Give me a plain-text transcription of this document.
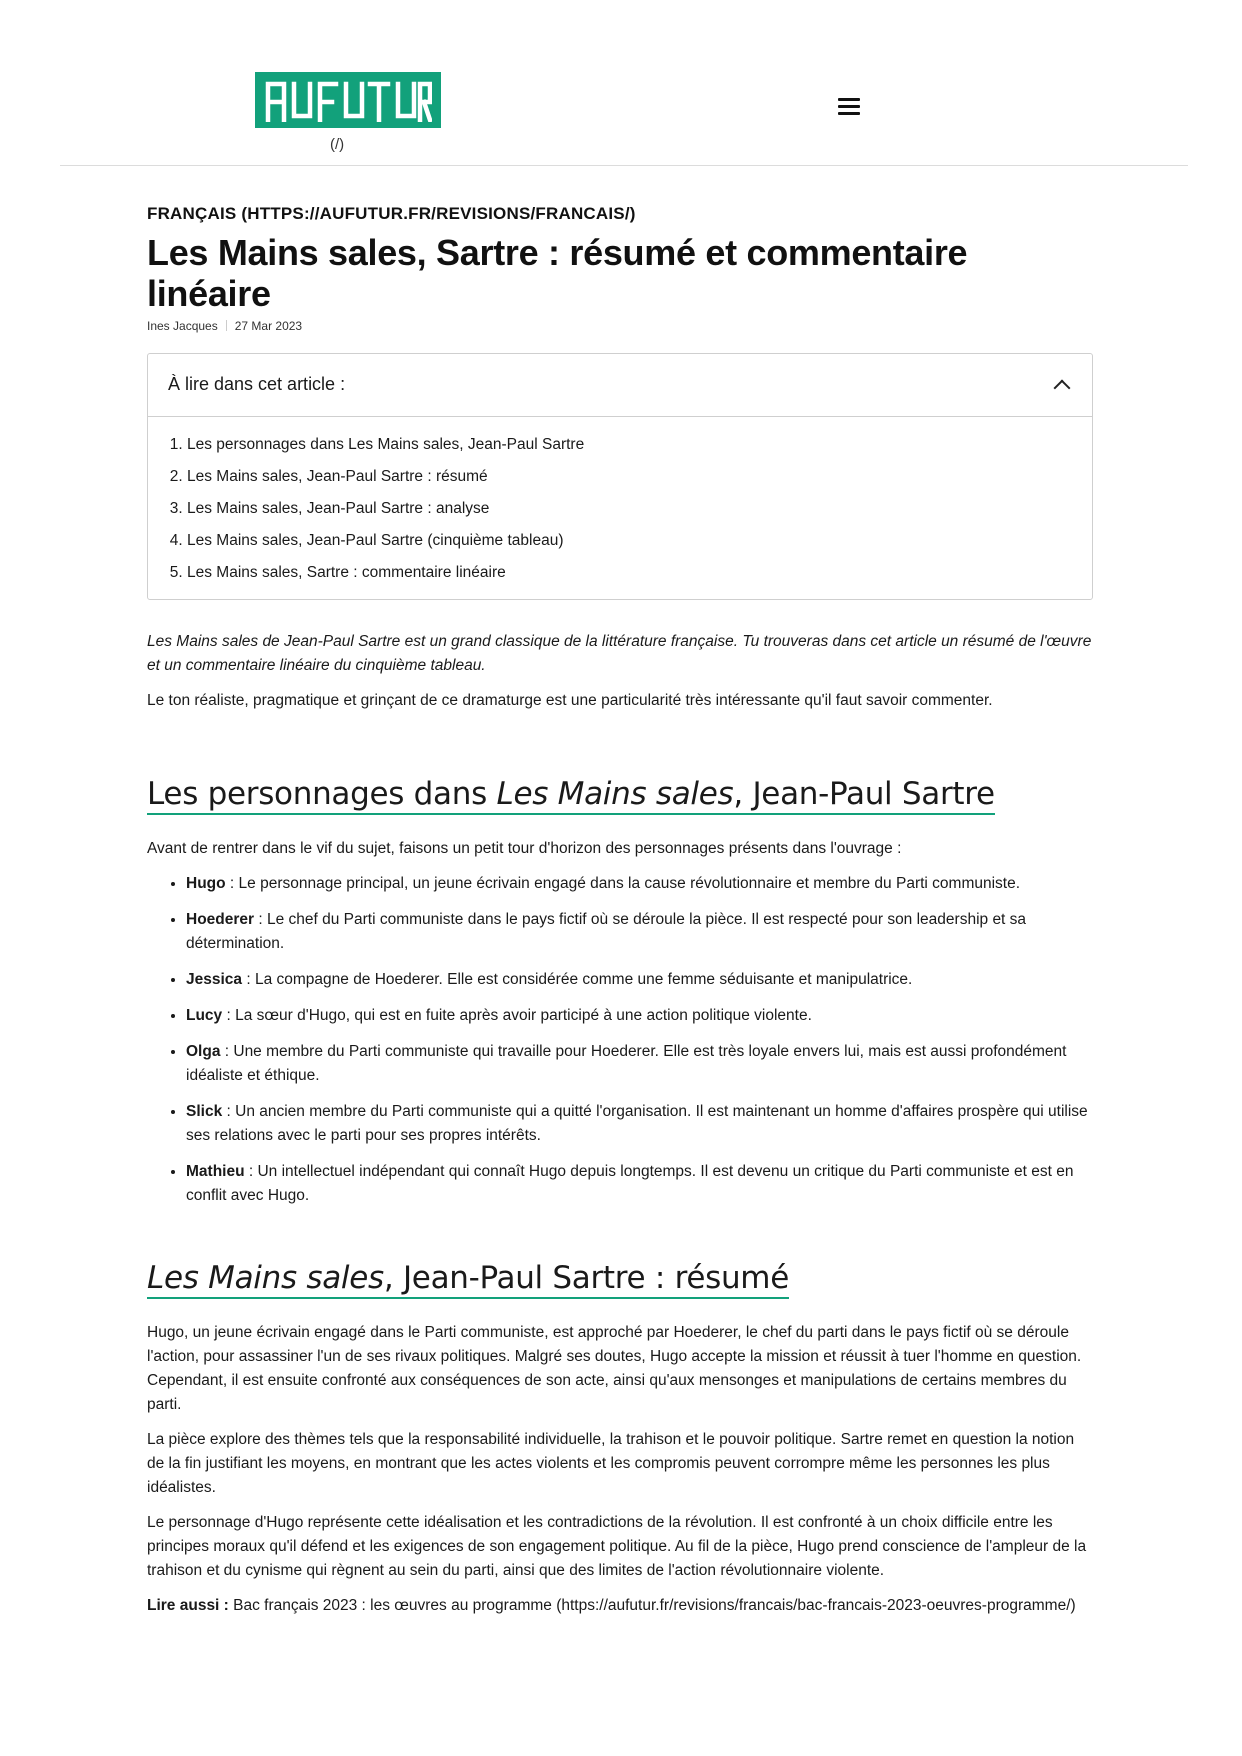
(/)

FRANÇAIS (HTTPS://AUFUTUR.FR/REVISIONS/FRANCAIS/)

Les Mains sales, Sartre : résumé et commentaire linéaire
Ines Jacques 27 Mar 2023
À lire dans cet article :
1. Les personnages dans Les Mains sales, Jean-Paul Sartre
2. Les Mains sales, Jean-Paul Sartre : résumé
3. Les Mains sales, Jean-Paul Sartre : analyse
4. Les Mains sales, Jean-Paul Sartre (cinquième tableau)
5. Les Mains sales, Sartre : commentaire linéaire

Les Mains sales de Jean-Paul Sartre est un grand classique de la littérature française. Tu trouveras dans cet article un résumé de l'œuvre et un commentaire linéaire du cinquième tableau.

Le ton réaliste, pragmatique et grinçant de ce dramaturge est une particularité très intéressante qu'il faut savoir commenter.

Les personnages dans Les Mains sales, Jean-Paul Sartre

Avant de rentrer dans le vif du sujet, faisons un petit tour d'horizon des personnages présents dans l'ouvrage :

• Hugo : Le personnage principal, un jeune écrivain engagé dans la cause révolutionnaire et membre du Parti communiste.
• Hoederer : Le chef du Parti communiste dans le pays fictif où se déroule la pièce. Il est respecté pour son leadership et sa détermination.
• Jessica : La compagne de Hoederer. Elle est considérée comme une femme séduisante et manipulatrice.
• Lucy : La sœur d'Hugo, qui est en fuite après avoir participé à une action politique violente.
• Olga : Une membre du Parti communiste qui travaille pour Hoederer. Elle est très loyale envers lui, mais est aussi profondément idéaliste et éthique.
• Slick : Un ancien membre du Parti communiste qui a quitté l'organisation. Il est maintenant un homme d'affaires prospère qui utilise ses relations avec le parti pour ses propres intérêts.
• Mathieu : Un intellectuel indépendant qui connaît Hugo depuis longtemps. Il est devenu un critique du Parti communiste et est en conflit avec Hugo.
Les Mains sales, Jean-Paul Sartre : résumé

Hugo, un jeune écrivain engagé dans le Parti communiste, est approché par Hoederer, le chef du parti dans le pays fictif où se déroule l'action, pour assassiner l'un de ses rivaux politiques. Malgré ses doutes, Hugo accepte la mission et réussit à tuer l'homme en question. Cependant, il est ensuite confronté aux conséquences de son acte, ainsi qu'aux mensonges et manipulations de certains membres du parti.

La pièce explore des thèmes tels que la responsabilité individuelle, la trahison et le pouvoir politique. Sartre remet en question la notion de la fin justifiant les moyens, en montrant que les actes violents et les compromis peuvent corrompre même les personnes les plus idéalistes.

Le personnage d'Hugo représente cette idéalisation et les contradictions de la révolution. Il est confronté à un choix difficile entre les principes moraux qu'il défend et les exigences de son engagement politique. Au fil de la pièce, Hugo prend conscience de l'ampleur de la trahison et du cynisme qui règnent au sein du parti, ainsi que des limites de l'action révolutionnaire violente.

Lire aussi : Bac français 2023 : les œuvres au programme (https://aufutur.fr/revisions/francais/bac-francais-2023-oeuvres-programme/)
